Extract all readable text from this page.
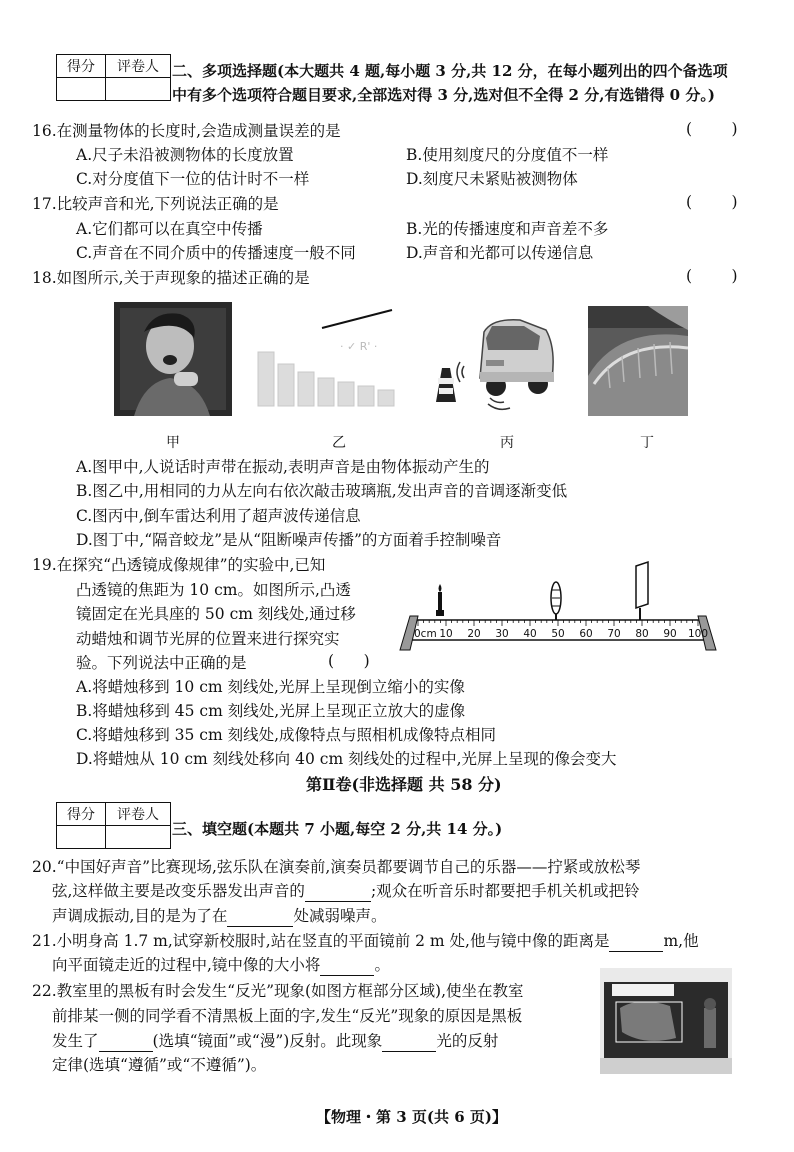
得分	评卷人
	二、多项选择题(本大题共 4 题,每小题 3 分,共 12 分，在每小题列出的四个备选项
中有多个选项符合题目要求,全部选对得 3 分,选对但不全得 2 分,有选错得 0 分。)
16.在测量物体的长度时,会造成测量误差的是	(        )
A.尺子未沿被测物体的长度放置	B.使用刻度尺的分度值不一样
C.对分度值下一位的估计时不一样	D.刻度尺未紧贴被测物体
17.比较声音和光,下列说法正确的是	(        )
A.它们都可以在真空中传播	B.光的传播速度和声音差不多
C.声音在不同介质中的传播速度一般不同	D.声音和光都可以传递信息
18.如图所示,关于声现象的描述正确的是	(        )
甲
· ✓ R' ·
乙	丙	丁
A.图甲中,人说话时声带在振动,表明声音是由物体振动产生的
B.图乙中,用相同的力从左向右依次敲击玻璃瓶,发出声音的音调逐渐变低
C.图丙中,倒车雷达利用了超声波传递信息
D.图丁中,“隔音蛟龙”是从“阻断噪声传播”的方面着手控制噪音
19.在探究“凸透镜成像规律”的实验中,已知
凸透镜的焦距为 10 cm。如图所示,凸透
镜固定在光具座的 50 cm 刻线处,通过移
动蜡烛和调节光屏的位置来进行探究实
验。下列说法中正确的是	(      )
0cm 10 20 30 40 50 60 70 80 90 100
A.将蜡烛移到 10 cm 刻线处,光屏上呈现倒立缩小的实像
B.将蜡烛移到 45 cm 刻线处,光屏上呈现正立放大的虚像
C.将蜡烛移到 35 cm 刻线处,成像特点与照相机成像特点相同
D.将蜡烛从 10 cm 刻线处移向 40 cm 刻线处的过程中,光屏上呈现的像会变大
第Ⅱ卷(非选择题 共 58 分)
得分	评卷人

三、填空题(本题共 7 小题,每空 2 分,共 14 分。)
20.“中国好声音”比赛现场,弦乐队在演奏前,演奏员都要调节自己的乐器——拧紧或放松琴
弦,这样做主要是改变乐器发出声音的	;观众在听音乐时都要把手机关机或把铃
声调成振动,目的是为了在	处减弱噪声。
21.小明身高 1.7 m,试穿新校服时,站在竖直的平面镜前 2 m 处,他与镜中像的距离是	m,他
向平面镜走近的过程中,镜中像的大小将	。
22.教室里的黑板有时会发生“反光”现象(如图方框部分区域),使坐在教室
前排某一侧的同学看不清黑板上面的字,发生“反光”现象的原因是黑板
发生了	(选填“镜面”或“漫”)反射。此现象	光的反射
定律(选填“遵循”或“不遵循”)。
【物理・第 3 页(共 6 页)】
